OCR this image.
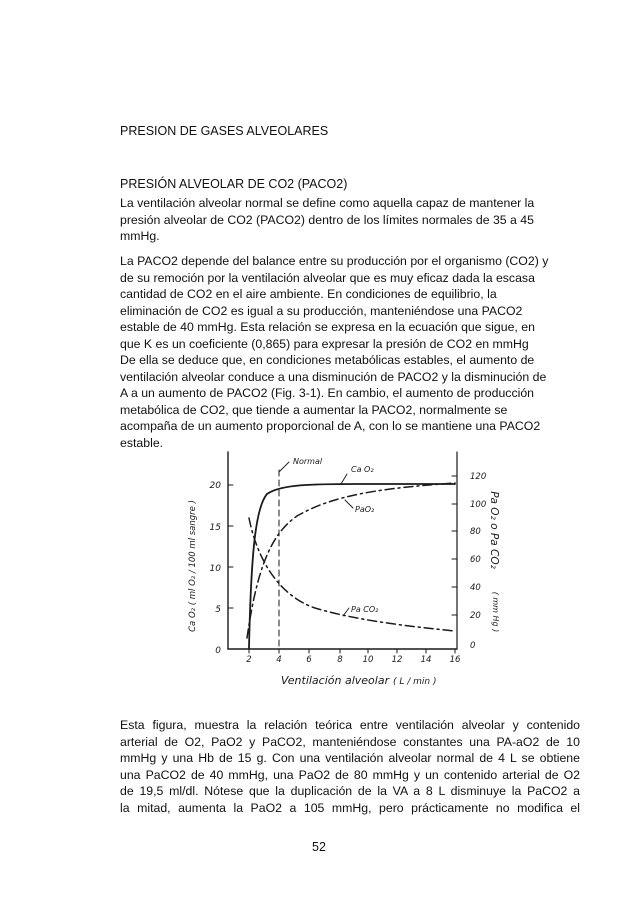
PRESION DE GASES ALVEOLARES
PRESIÓN ALVEOLAR DE CO2 (PACO2)
La ventilación alveolar normal se define como aquella capaz de mantener la
presión alveolar de CO2 (PACO2) dentro de los límites normales de 35 a 45
mmHg.
La PACO2 depende del balance entre su producción por el organismo (CO2) y
de su remoción por la ventilación alveolar que es muy eficaz dada la escasa
cantidad de CO2 en el aire ambiente. En condiciones de equilibrio, la
eliminación de CO2 es igual a su producción, manteniéndose una PACO2
estable de 40 mmHg. Esta relación se expresa en la ecuación que sigue, en
que K es un coeficiente (0,865) para expresar la presión de CO2 en mmHg
De ella se deduce que, en condiciones metabólicas estables, el aumento de
ventilación alveolar conduce a una disminución de PACO2 y la disminución de
A a un aumento de PACO2 (Fig. 3-1). En cambio, el aumento de producción
metabólica de CO2, que tiende a aumentar la PACO2, normalmente se
acompaña de un aumento proporcional de A, con lo se mantiene una PACO2
estable.
20
15
10
5
0
120
100
80
60
40
20
0
2	4	6	8 10 12 14 16
Ventilación alveolar ( L / min )
Ca O₂ ( ml O₂ / 100 ml sangre )	Pa O₂ o Pa CO₂
( mm Hg )
Normal
Ca O₂
PaO₂
Pa CO₂
Esta figura, muestra la relación teórica entre ventilación alveolar y contenido
arterial de O2, PaO2 y PaCO2, manteniéndose constantes una PA-aO2 de 10
mmHg y una Hb de 15 g. Con una ventilación alveolar normal de 4 L se obtiene
una PaCO2 de 40 mmHg, una PaO2 de 80 mmHg y un contenido arterial de O2
de 19,5 ml/dl. Nótese que la duplicación de la VA a 8 L disminuye la PaCO2 a
la mitad, aumenta la PaO2 a 105 mmHg, pero prácticamente no modifica el
52
